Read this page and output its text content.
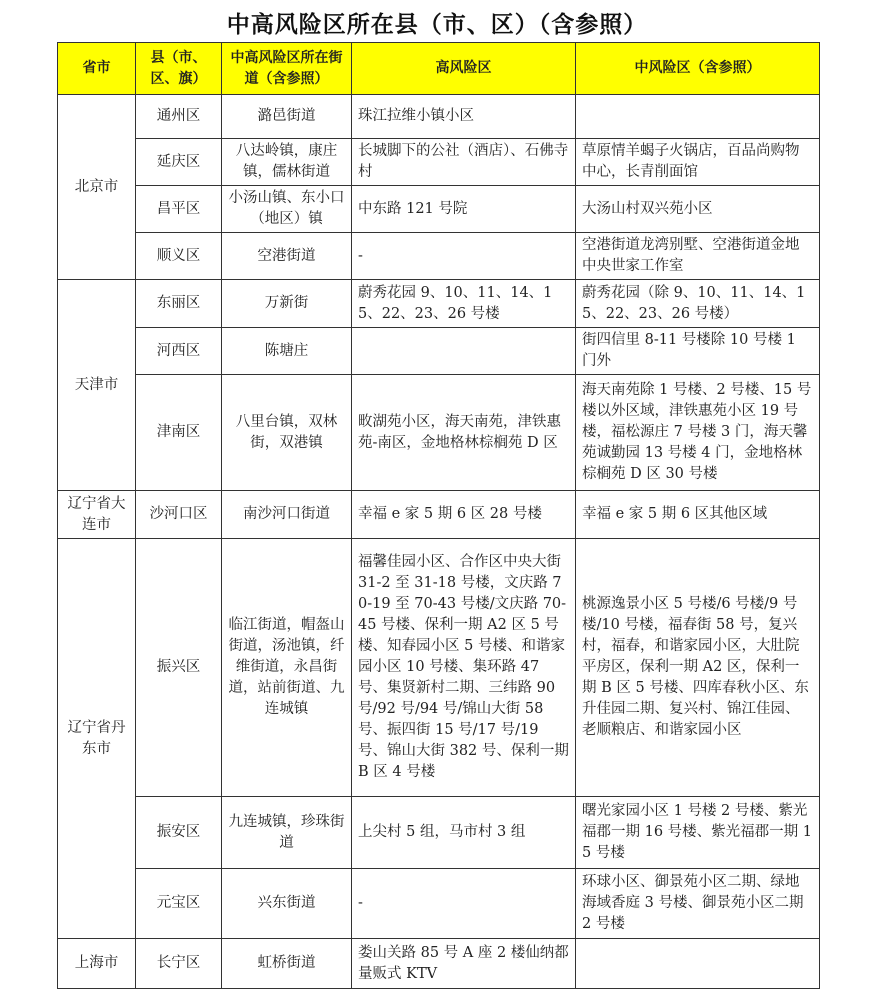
中高风险区所在县（市、区）（含参照）
省市	县（市、区、旗）	中高风险区所在街道（含参照）	高风险区	中风险区（含参照）
北京市	通州区	潞邑街道	珠江拉维小镇小区	
	延庆区	八达岭镇，康庄镇，儒林街道	长城脚下的公社（酒店）、石佛寺村	草原情羊蝎子火锅店，百品尚购物中心，长青削面馆
	昌平区	小汤山镇、东小口（地区）镇	中东路 121 号院	大汤山村双兴苑小区
	顺义区	空港街道	-	空港街道龙湾别墅、空港街道金地中央世家工作室
天津市	东丽区	万新街	蔚秀花园 9、10、11、14、15、22、23、26 号楼	蔚秀花园（除 9、10、11、14、15、22、23、26 号楼）
	河西区	陈塘庄		街四信里 8-11 号楼除 10 号楼 1 门外
	津南区	八里台镇，双林街，双港镇	畋湖苑小区，海天南苑，津铁惠苑-南区，金地格林棕榈苑 D 区	海天南苑除 1 号楼、2 号楼、15 号楼以外区域，津铁惠苑小区 19 号楼，福松源庄 7 号楼 3 门，海天馨苑诚勤园 13 号楼 4 门，金地格林棕榈苑 D 区 30 号楼
辽宁省大连市	沙河口区	南沙河口街道	幸福 e 家 5 期 6 区 28 号楼	幸福 e 家 5 期 6 区其他区域
辽宁省丹东市	振兴区	临江街道，帽盔山街道，汤池镇，纤维街道，永昌街道，站前街道、九连城镇	福馨佳园小区、合作区中央大街 31-2 至 31-18 号楼，文庆路 70-19 至 70-43 号楼/文庆路 70-45 号楼、保利一期 A2 区 5 号楼、知春园小区 5 号楼、和谐家园小区 10 号楼、集环路 47 号、集贤新村二期、三纬路 90 号/92 号/94 号/锦山大街 58 号、振四街 15 号/17 号/19 号、锦山大街 382 号、保利一期 B 区 4 号楼	桃源逸景小区 5 号楼/6 号楼/9 号楼/10 号楼，福春街 58 号，复兴村，福春，和谐家园小区，大肚院平房区，保利一期 A2 区，保利一期 B 区 5 号楼、四库春秋小区、东升佳园二期、复兴村、锦江佳园、老顺粮店、和谐家园小区
	振安区	九连城镇，珍珠街道	上尖村 5 组，马市村 3 组	曙光家园小区 1 号楼 2 号楼、紫光福郡一期 16 号楼、紫光福郡一期 15 号楼
	元宝区	兴东街道	-	环球小区、御景苑小区二期、绿地海域香庭 3 号楼、御景苑小区二期 2 号楼
上海市	长宁区	虹桥街道	娄山关路 85 号 A 座 2 楼仙纳都量贩式 KTV	
